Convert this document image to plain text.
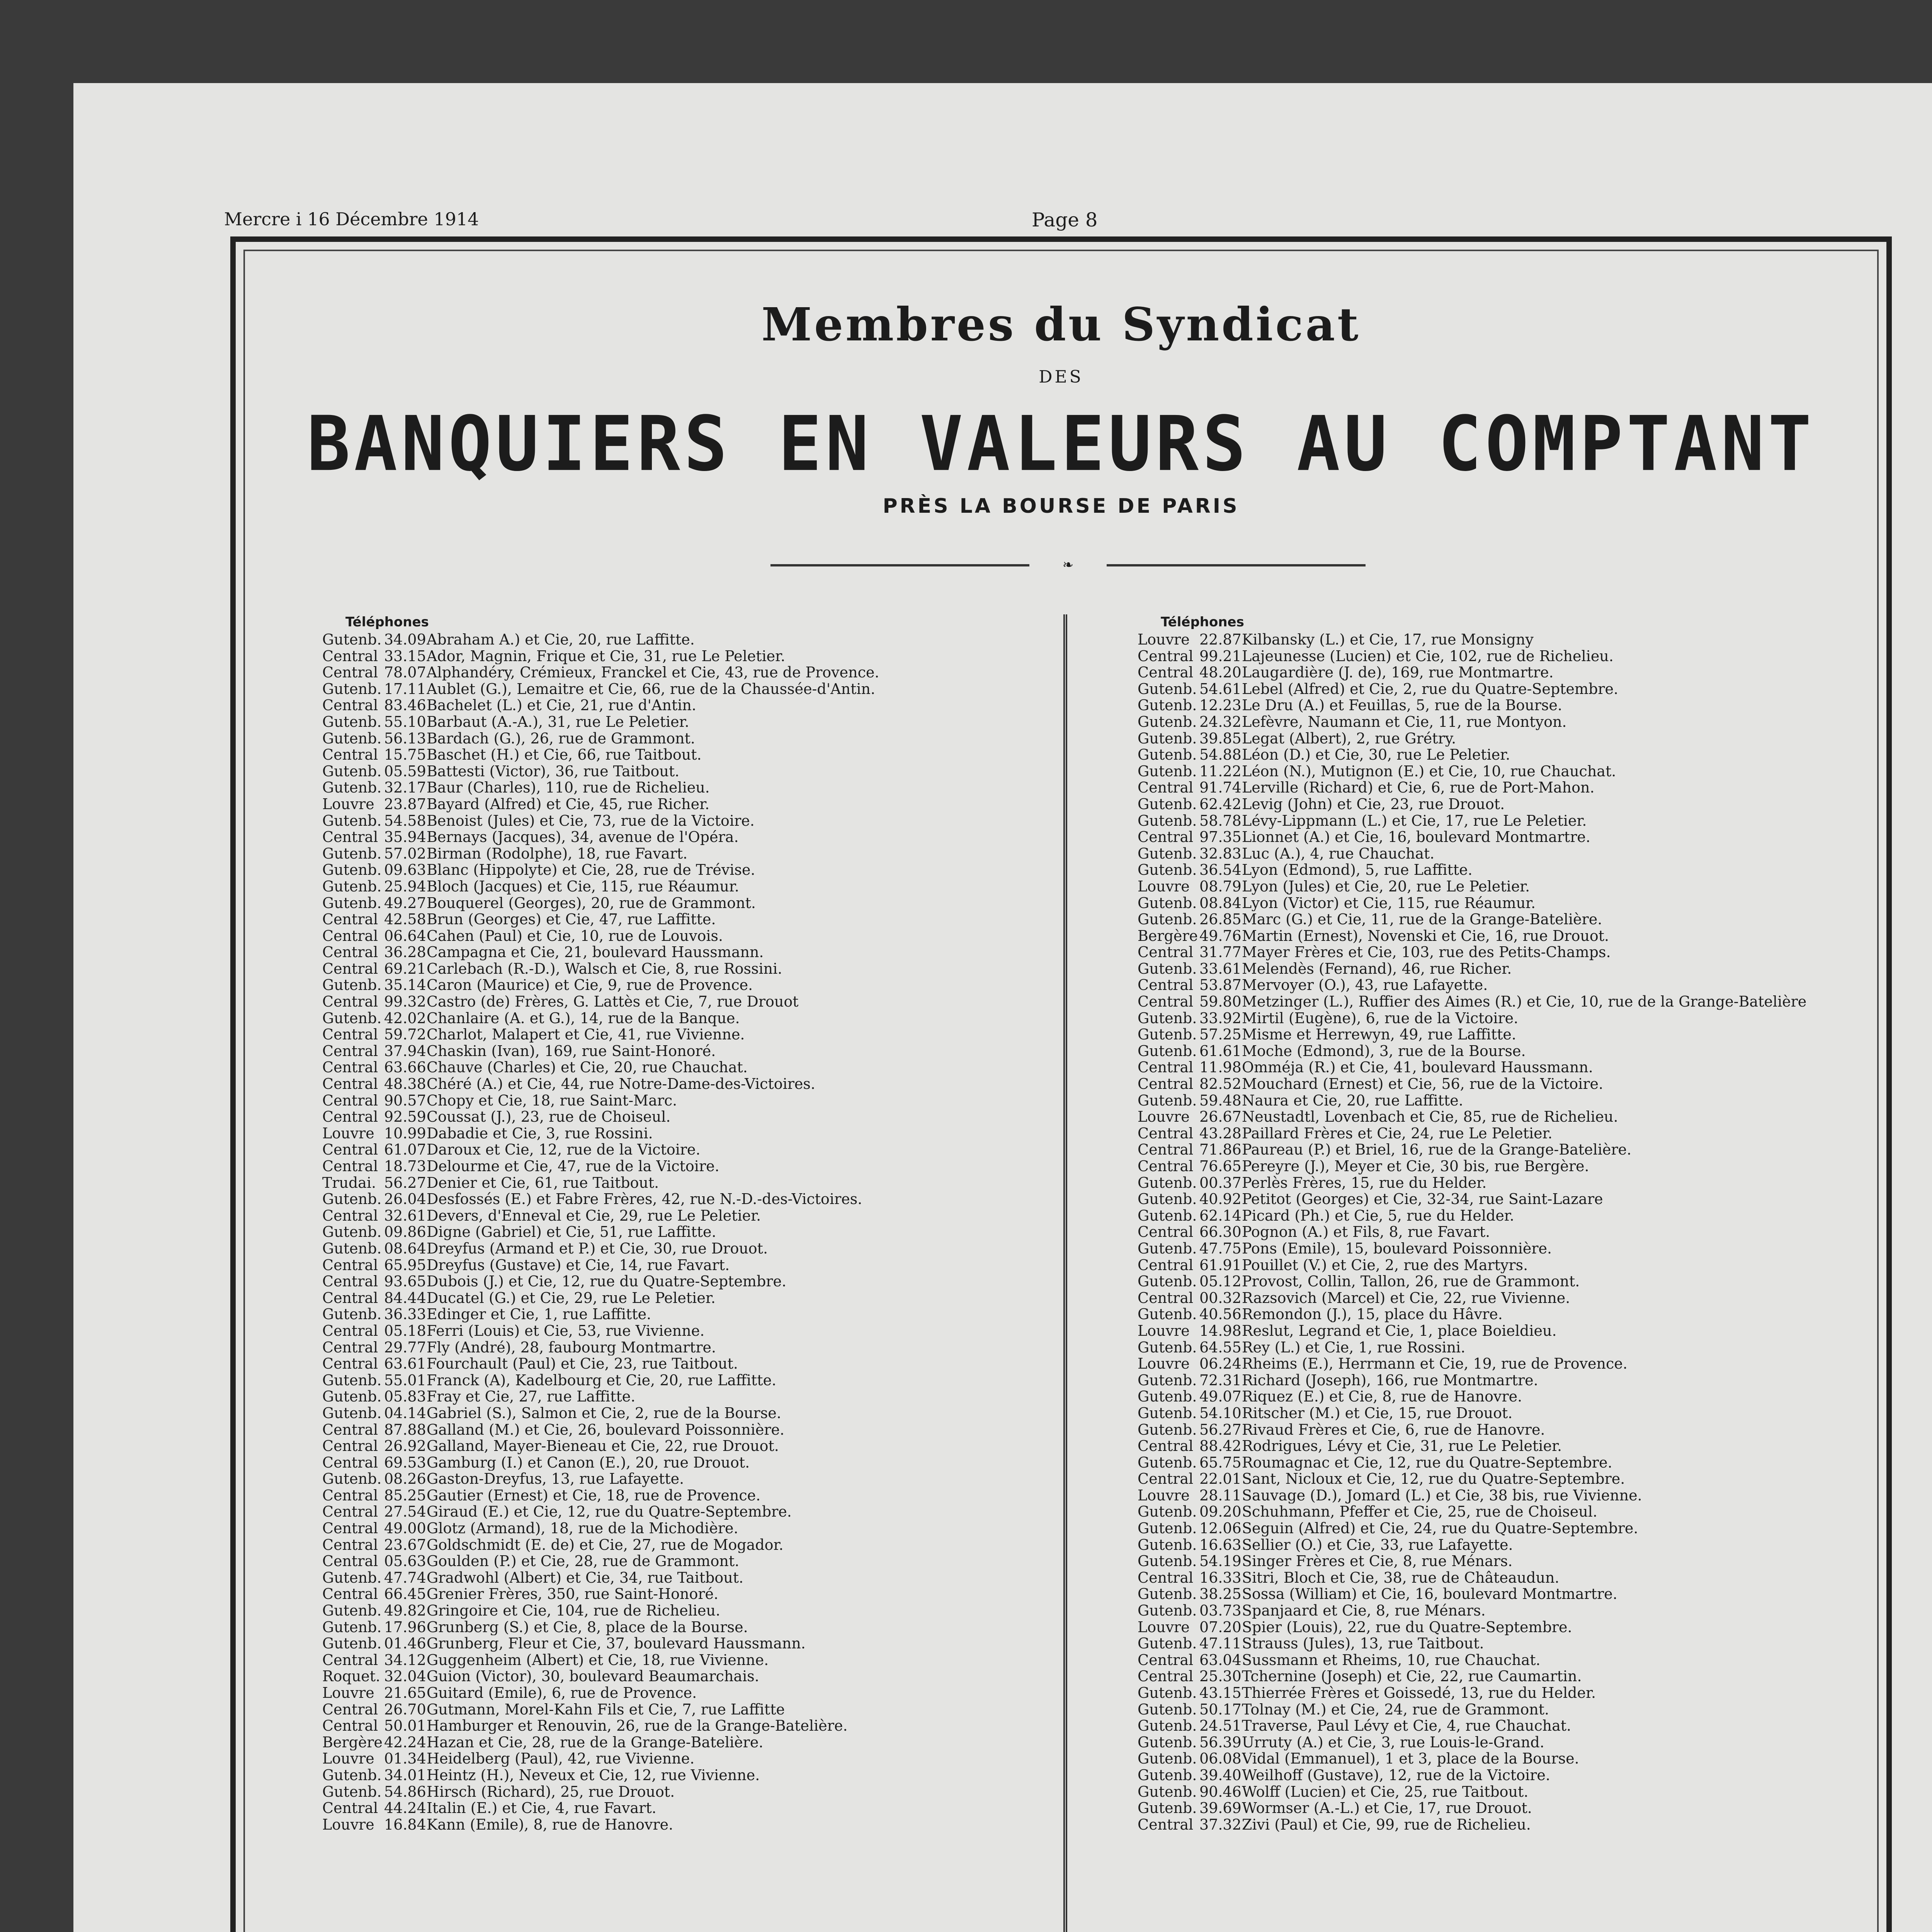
Mercre i 16 Décembre 1914	Page 8
Membres du Syndicat
DES
BANQUIERS EN VALEURS AU COMPTANT
PRÈS LA BOURSE DE PARIS
❧
Téléphones
Gutenb. 34.09 Abraham A.) et Cie, 20, rue Laffitte.
Central 33.15 Ador, Magnin, Frique et Cie, 31, rue Le Peletier.
Central 78.07 Alphandéry, Crémieux, Franckel et Cie, 43, rue de Provence.
Gutenb. 17.11 Aublet (G.), Lemaitre et Cie, 66, rue de la Chaussée-d'Antin.
Central 83.46 Bachelet (L.) et Cie, 21, rue d'Antin.
Gutenb. 55.10 Barbaut (A.-A.), 31, rue Le Peletier.
Gutenb. 56.13 Bardach (G.), 26, rue de Grammont.
Central 15.75 Baschet (H.) et Cie, 66, rue Taitbout.
Gutenb. 05.59 Battesti (Victor), 36, rue Taitbout.
Gutenb. 32.17 Baur (Charles), 110, rue de Richelieu.
Louvre 23.87 Bayard (Alfred) et Cie, 45, rue Richer.
Gutenb. 54.58 Benoist (Jules) et Cie, 73, rue de la Victoire.
Central 35.94 Bernays (Jacques), 34, avenue de l'Opéra.
Gutenb. 57.02 Birman (Rodolphe), 18, rue Favart.
Gutenb. 09.63 Blanc (Hippolyte) et Cie, 28, rue de Trévise.
Gutenb. 25.94 Bloch (Jacques) et Cie, 115, rue Réaumur.
Gutenb. 49.27 Bouquerel (Georges), 20, rue de Grammont.
Central 42.58 Brun (Georges) et Cie, 47, rue Laffitte.
Central 06.64 Cahen (Paul) et Cie, 10, rue de Louvois.
Central 36.28 Campagna et Cie, 21, boulevard Haussmann.
Central 69.21 Carlebach (R.-D.), Walsch et Cie, 8, rue Rossini.
Gutenb. 35.14 Caron (Maurice) et Cie, 9, rue de Provence.
Central 99.32 Castro (de) Frères, G. Lattès et Cie, 7, rue Drouot
Gutenb. 42.02 Chanlaire (A. et G.), 14, rue de la Banque.
Central 59.72 Charlot, Malapert et Cie, 41, rue Vivienne.
Central 37.94 Chaskin (Ivan), 169, rue Saint-Honoré.
Central 63.66 Chauve (Charles) et Cie, 20, rue Chauchat.
Central 48.38 Chéré (A.) et Cie, 44, rue Notre-Dame-des-Victoires.
Central 90.57 Chopy et Cie, 18, rue Saint-Marc.
Central 92.59 Coussat (J.), 23, rue de Choiseul.
Louvre 10.99 Dabadie et Cie, 3, rue Rossini.
Central 61.07 Daroux et Cie, 12, rue de la Victoire.
Central 18.73 Delourme et Cie, 47, rue de la Victoire.
Trudai. 56.27 Denier et Cie, 61, rue Taitbout.
Gutenb. 26.04 Desfossés (E.) et Fabre Frères, 42, rue N.-D.-des-Victoires.
Central 32.61 Devers, d'Enneval et Cie, 29, rue Le Peletier.
Gutenb. 09.86 Digne (Gabriel) et Cie, 51, rue Laffitte.
Gutenb. 08.64 Dreyfus (Armand et P.) et Cie, 30, rue Drouot.
Central 65.95 Dreyfus (Gustave) et Cie, 14, rue Favart.
Central 93.65 Dubois (J.) et Cie, 12, rue du Quatre-Septembre.
Central 84.44 Ducatel (G.) et Cie, 29, rue Le Peletier.
Gutenb. 36.33 Edinger et Cie, 1, rue Laffitte.
Central 05.18 Ferri (Louis) et Cie, 53, rue Vivienne.
Central 29.77 Fly (André), 28, faubourg Montmartre.
Central 63.61 Fourchault (Paul) et Cie, 23, rue Taitbout.
Gutenb. 55.01 Franck (A), Kadelbourg et Cie, 20, rue Laffitte.
Gutenb. 05.83 Fray et Cie, 27, rue Laffitte.
Gutenb. 04.14 Gabriel (S.), Salmon et Cie, 2, rue de la Bourse.
Central 87.88 Galland (M.) et Cie, 26, boulevard Poissonnière.
Central 26.92 Galland, Mayer-Bieneau et Cie, 22, rue Drouot.
Central 69.53 Gamburg (I.) et Canon (E.), 20, rue Drouot.
Gutenb. 08.26 Gaston-Dreyfus, 13, rue Lafayette.
Central 85.25 Gautier (Ernest) et Cie, 18, rue de Provence.
Central 27.54 Giraud (E.) et Cie, 12, rue du Quatre-Septembre.
Central 49.00 Glotz (Armand), 18, rue de la Michodière.
Central 23.67 Goldschmidt (E. de) et Cie, 27, rue de Mogador.
Central 05.63 Goulden (P.) et Cie, 28, rue de Grammont.
Gutenb. 47.74 Gradwohl (Albert) et Cie, 34, rue Taitbout.
Central 66.45 Grenier Frères, 350, rue Saint-Honoré.
Gutenb. 49.82 Gringoire et Cie, 104, rue de Richelieu.
Gutenb. 17.96 Grunberg (S.) et Cie, 8, place de la Bourse.
Gutenb. 01.46 Grunberg, Fleur et Cie, 37, boulevard Haussmann.
Central 34.12 Guggenheim (Albert) et Cie, 18, rue Vivienne.
Roquet. 32.04 Guion (Victor), 30, boulevard Beaumarchais.
Louvre 21.65 Guitard (Emile), 6, rue de Provence.
Central 26.70 Gutmann, Morel-Kahn Fils et Cie, 7, rue Laffitte
Central 50.01 Hamburger et Renouvin, 26, rue de la Grange-Batelière.
Bergère 42.24 Hazan et Cie, 28, rue de la Grange-Batelière.
Louvre 01.34 Heidelberg (Paul), 42, rue Vivienne.
Gutenb. 34.01 Heintz (H.), Neveux et Cie, 12, rue Vivienne.
Gutenb. 54.86 Hirsch (Richard), 25, rue Drouot.
Central 44.24 Italin (E.) et Cie, 4, rue Favart.
Louvre 16.84 Kann (Emile), 8, rue de Hanovre.
Téléphones
Louvre 22.87 Kilbansky (L.) et Cie, 17, rue Monsigny
Central 99.21 Lajeunesse (Lucien) et Cie, 102, rue de Richelieu.
Central 48.20 Laugardière (J. de), 169, rue Montmartre.
Gutenb. 54.61 Lebel (Alfred) et Cie, 2, rue du Quatre-Septembre.
Gutenb. 12.23 Le Dru (A.) et Feuillas, 5, rue de la Bourse.
Gutenb. 24.32 Lefèvre, Naumann et Cie, 11, rue Montyon.
Gutenb. 39.85 Legat (Albert), 2, rue Grétry.
Gutenb. 54.88 Léon (D.) et Cie, 30, rue Le Peletier.
Gutenb. 11.22 Léon (N.), Mutignon (E.) et Cie, 10, rue Chauchat.
Central 91.74 Lerville (Richard) et Cie, 6, rue de Port-Mahon.
Gutenb. 62.42 Levig (John) et Cie, 23, rue Drouot.
Gutenb. 58.78 Lévy-Lippmann (L.) et Cie, 17, rue Le Peletier.
Central 97.35 Lionnet (A.) et Cie, 16, boulevard Montmartre.
Gutenb. 32.83 Luc (A.), 4, rue Chauchat.
Gutenb. 36.54 Lyon (Edmond), 5, rue Laffitte.
Louvre 08.79 Lyon (Jules) et Cie, 20, rue Le Peletier.
Gutenb. 08.84 Lyon (Victor) et Cie, 115, rue Réaumur.
Gutenb. 26.85 Marc (G.) et Cie, 11, rue de la Grange-Batelière.
Bergère 49.76 Martin (Ernest), Novenski et Cie, 16, rue Drouot.
Central 31.77 Mayer Frères et Cie, 103, rue des Petits-Champs.
Gutenb. 33.61 Melendès (Fernand), 46, rue Richer.
Central 53.87 Mervoyer (O.), 43, rue Lafayette.
Central 59.80 Metzinger (L.), Ruffier des Aimes (R.) et Cie, 10, rue de la Grange-Batelière
Gutenb. 33.92 Mirtil (Eugène), 6, rue de la Victoire.
Gutenb. 57.25 Misme et Herrewyn, 49, rue Laffitte.
Gutenb. 61.61 Moche (Edmond), 3, rue de la Bourse.
Central 11.98 Omméja (R.) et Cie, 41, boulevard Haussmann.
Central 82.52 Mouchard (Ernest) et Cie, 56, rue de la Victoire.
Gutenb. 59.48 Naura et Cie, 20, rue Laffitte.
Louvre 26.67 Neustadtl, Lovenbach et Cie, 85, rue de Richelieu.
Central 43.28 Paillard Frères et Cie, 24, rue Le Peletier.
Central 71.86 Paureau (P.) et Briel, 16, rue de la Grange-Batelière.
Central 76.65 Pereyre (J.), Meyer et Cie, 30 bis, rue Bergère.
Gutenb. 00.37 Perlès Frères, 15, rue du Helder.
Gutenb. 40.92 Petitot (Georges) et Cie, 32-34, rue Saint-Lazare
Gutenb. 62.14 Picard (Ph.) et Cie, 5, rue du Helder.
Central 66.30 Pognon (A.) et Fils, 8, rue Favart.
Gutenb. 47.75 Pons (Emile), 15, boulevard Poissonnière.
Central 61.91 Pouillet (V.) et Cie, 2, rue des Martyrs.
Gutenb. 05.12 Provost, Collin, Tallon, 26, rue de Grammont.
Central 00.32 Razsovich (Marcel) et Cie, 22, rue Vivienne.
Gutenb. 40.56 Remondon (J.), 15, place du Hâvre.
Louvre 14.98 Reslut, Legrand et Cie, 1, place Boieldieu.
Gutenb. 64.55 Rey (L.) et Cie, 1, rue Rossini.
Louvre 06.24 Rheims (E.), Herrmann et Cie, 19, rue de Provence.
Gutenb. 72.31 Richard (Joseph), 166, rue Montmartre.
Gutenb. 49.07 Riquez (E.) et Cie, 8, rue de Hanovre.
Gutenb. 54.10 Ritscher (M.) et Cie, 15, rue Drouot.
Gutenb. 56.27 Rivaud Frères et Cie, 6, rue de Hanovre.
Central 88.42 Rodrigues, Lévy et Cie, 31, rue Le Peletier.
Gutenb. 65.75 Roumagnac et Cie, 12, rue du Quatre-Septembre.
Central 22.01 Sant, Nicloux et Cie, 12, rue du Quatre-Septembre.
Louvre 28.11 Sauvage (D.), Jomard (L.) et Cie, 38 bis, rue Vivienne.
Gutenb. 09.20 Schuhmann, Pfeffer et Cie, 25, rue de Choiseul.
Gutenb. 12.06 Seguin (Alfred) et Cie, 24, rue du Quatre-Septembre.
Gutenb. 16.63 Sellier (O.) et Cie, 33, rue Lafayette.
Gutenb. 54.19 Singer Frères et Cie, 8, rue Ménars.
Central 16.33 Sitri, Bloch et Cie, 38, rue de Châteaudun.
Gutenb. 38.25 Sossa (William) et Cie, 16, boulevard Montmartre.
Gutenb. 03.73 Spanjaard et Cie, 8, rue Ménars.
Louvre 07.20 Spier (Louis), 22, rue du Quatre-Septembre.
Gutenb. 47.11 Strauss (Jules), 13, rue Taitbout.
Central 63.04 Sussmann et Rheims, 10, rue Chauchat.
Central 25.30 Tchernine (Joseph) et Cie, 22, rue Caumartin.
Gutenb. 43.15 Thierrée Frères et Goissedé, 13, rue du Helder.
Gutenb. 50.17 Tolnay (M.) et Cie, 24, rue de Grammont.
Gutenb. 24.51 Traverse, Paul Lévy et Cie, 4, rue Chauchat.
Gutenb. 56.39 Urruty (A.) et Cie, 3, rue Louis-le-Grand.
Gutenb. 06.08 Vidal (Emmanuel), 1 et 3, place de la Bourse.
Gutenb. 39.40 Weilhoff (Gustave), 12, rue de la Victoire.
Gutenb. 90.46 Wolff (Lucien) et Cie, 25, rue Taitbout.
Gutenb. 39.69 Wormser (A.-L.) et Cie, 17, rue Drouot.
Central 37.32 Zivi (Paul) et Cie, 99, rue de Richelieu.
